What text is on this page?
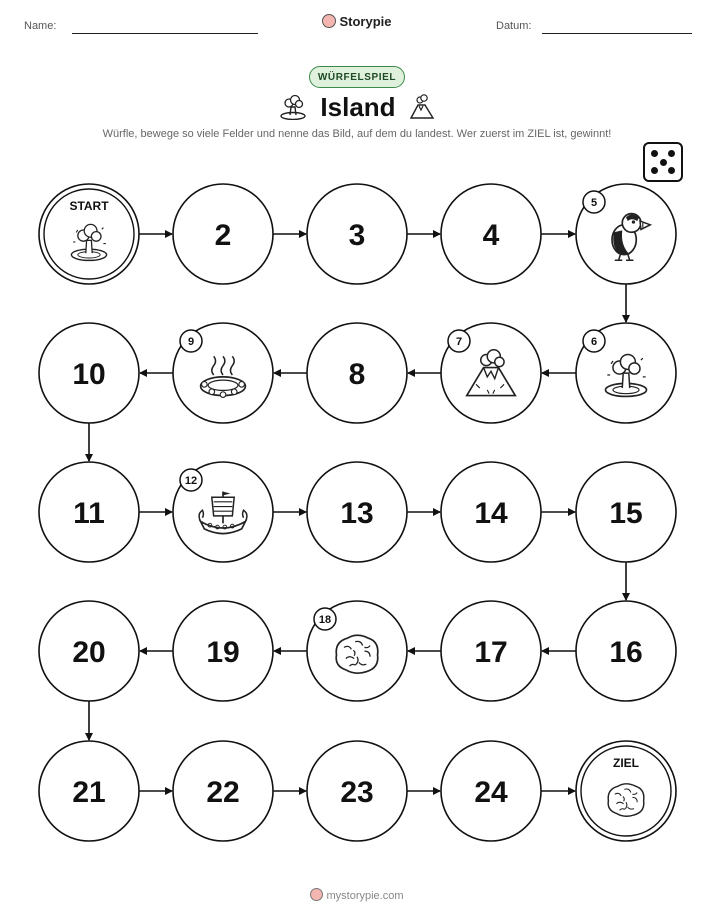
Name:	Storypie	Datum:
WÜRFELSPIEL
Island
Würfle, bewege so viele Felder und nenne das Bild, auf dem du landest. Wer zuerst im ZIEL ist, gewinnt!
START
2	3	4
5
10
9
8
7	6
11
12
13	14	15
20	19
18
17	16
21	22	23	24
ZIEL
mystorypie.com
